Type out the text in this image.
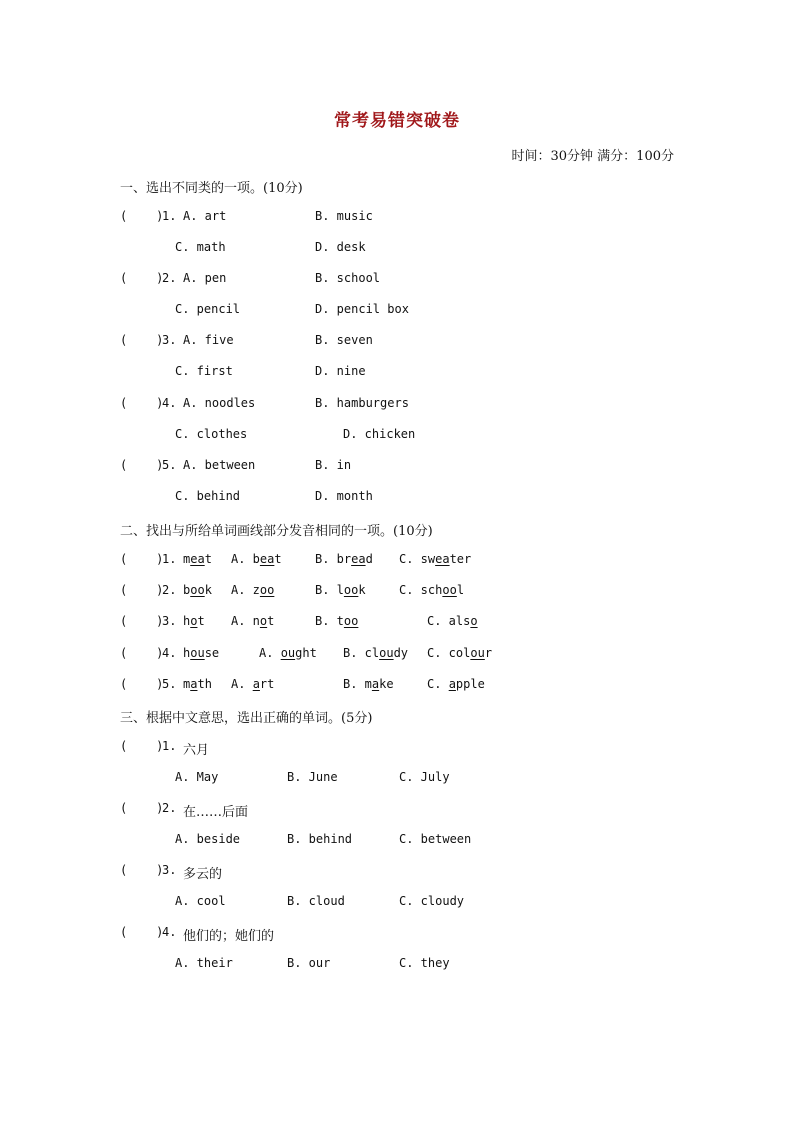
常考易错突破卷
时间：30分钟 满分：100分
一、选出不同类的一项。(10分)
(    )
1. A. art	B. music
C. math	D. desk
(    )
2. A. pen	B. school
C. pencil	D. pencil box
(    )
3. A. five	B. seven
C. first	D. nine
(    )
4. A. noodles	B. hamburgers
C. clothes	D. chicken
(    )
5. A. between	B. in
C. behind	D. month
二、找出与所给单词画线部分发音相同的一项。(10分)
(    )
1. meat A. beat	B. bread C. sweater
(    )
2. book A. zoo	B. look	C. school
(    )
3. hot A. not	B. too	C. also
(    )
4. house	A. ought B. cloudy C. colour
(    )
5. math A. art	B. make	C. apple
三、根据中文意思，选出正确的单词。(5分)
(    )
1. 六月
A. May	B. June	C. July
(    )
2. 在……后面
A. beside	B. behind	C. between
(    )
3. 多云的
A. cool	B. cloud	C. cloudy
(    )
4. 他们的；她们的
A. their	B. our	C. they
